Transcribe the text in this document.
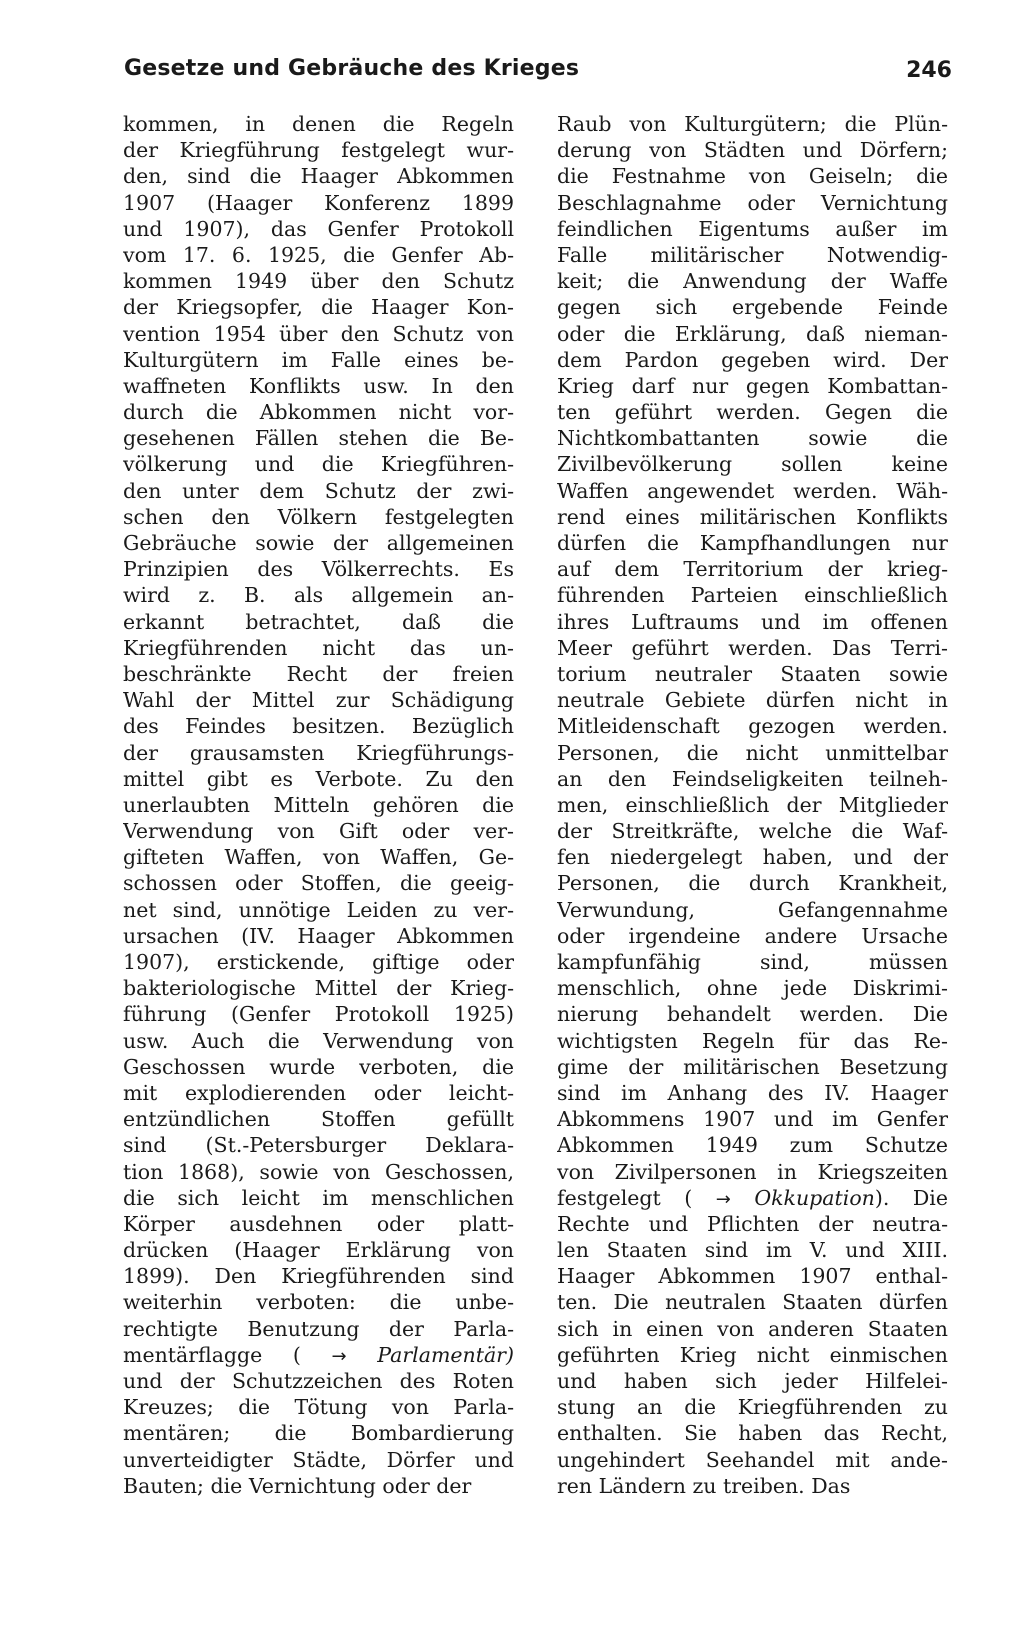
Gesetze und Gebräuche des Krieges	246
kommen, in denen die Regeln
der Kriegführung festgelegt wur-
den, sind die Haager Abkommen
1907 (Haager Konferenz 1899
und 1907), das Genfer Protokoll
vom 17. 6. 1925, die Genfer Ab-
kommen 1949 über den Schutz
der Kriegsopfer, die Haager Kon-
vention 1954 über den Schutz von
Kulturgütern im Falle eines be-
waffneten Konflikts usw. In den
durch die Abkommen nicht vor-
gesehenen Fällen stehen die Be-
völkerung und die Kriegführen-
den unter dem Schutz der zwi-
schen den Völkern festgelegten
Gebräuche sowie der allgemeinen
Prinzipien des Völkerrechts. Es
wird z. B. als allgemein an-
erkannt betrachtet, daß die
Kriegführenden nicht das un-
beschränkte Recht der freien
Wahl der Mittel zur Schädigung
des Feindes besitzen. Bezüglich
der grausamsten Kriegführungs-
mittel gibt es Verbote. Zu den
unerlaubten Mitteln gehören die
Verwendung von Gift oder ver-
gifteten Waffen, von Waffen, Ge-
schossen oder Stoffen, die geeig-
net sind, unnötige Leiden zu ver-
ursachen (IV. Haager Abkommen
1907), erstickende, giftige oder
bakteriologische Mittel der Krieg-
führung (Genfer Protokoll 1925)
usw. Auch die Verwendung von
Geschossen wurde verboten, die
mit explodierenden oder leicht-
entzündlichen Stoffen gefüllt
sind (St.-Petersburger Deklara-
tion 1868), sowie von Geschossen,
die sich leicht im menschlichen
Körper ausdehnen oder platt-
drücken (Haager Erklärung von
1899). Den Kriegführenden sind
weiterhin verboten: die unbe-
rechtigte Benutzung der Parla-
mentärflagge ( → Parlamentär)
und der Schutzzeichen des Roten
Kreuzes; die Tötung von Parla-
mentären; die Bombardierung
unverteidigter Städte, Dörfer und
Bauten; die Vernichtung oder der
Raub von Kulturgütern; die Plün-
derung von Städten und Dörfern;
die Festnahme von Geiseln; die
Beschlagnahme oder Vernichtung
feindlichen Eigentums außer im
Falle militärischer Notwendig-
keit; die Anwendung der Waffe
gegen sich ergebende Feinde
oder die Erklärung, daß nieman-
dem Pardon gegeben wird. Der
Krieg darf nur gegen Kombattan-
ten geführt werden. Gegen die
Nichtkombattanten sowie die
Zivilbevölkerung sollen keine
Waffen angewendet werden. Wäh-
rend eines militärischen Konflikts
dürfen die Kampfhandlungen nur
auf dem Territorium der krieg-
führenden Parteien einschließlich
ihres Luftraums und im offenen
Meer geführt werden. Das Terri-
torium neutraler Staaten sowie
neutrale Gebiete dürfen nicht in
Mitleidenschaft gezogen werden.
Personen, die nicht unmittelbar
an den Feindseligkeiten teilneh-
men, einschließlich der Mitglieder
der Streitkräfte, welche die Waf-
fen niedergelegt haben, und der
Personen, die durch Krankheit,
Verwundung, Gefangennahme
oder irgendeine andere Ursache
kampfunfähig sind, müssen
menschlich, ohne jede Diskrimi-
nierung behandelt werden. Die
wichtigsten Regeln für das Re-
gime der militärischen Besetzung
sind im Anhang des IV. Haager
Abkommens 1907 und im Genfer
Abkommen 1949 zum Schutze
von Zivilpersonen in Kriegszeiten
festgelegt ( → Okkupation). Die
Rechte und Pflichten der neutra-
len Staaten sind im V. und XIII.
Haager Abkommen 1907 enthal-
ten. Die neutralen Staaten dürfen
sich in einen von anderen Staaten
geführten Krieg nicht einmischen
und haben sich jeder Hilfelei-
stung an die Kriegführenden zu
enthalten. Sie haben das Recht,
ungehindert Seehandel mit ande-
ren Ländern zu treiben. Das
